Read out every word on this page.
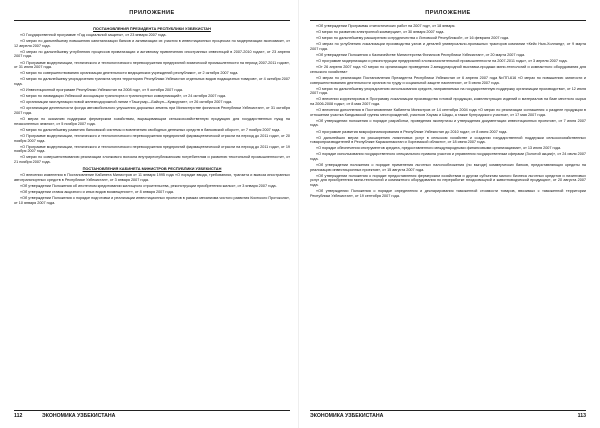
ПРИЛОЖЕНИЕ
ПОСТАНОВЛЕНИЯ ПРЕЗИДЕНТА РЕСПУБЛИКИ УЗБЕКИСТАН

«О Государственной программе «Год социальной защиты», от 23 января 2007 года.

«О мерах по дальнейшему повышению капитализации банков и активизации их участия в инвестиционных процессах по модернизации экономики», от 12 апреля 2007 года.

«О мерах по дальнейшему углублению процессов приватизации и активному привлечению иностранных инвестиций в 2007-2010 годах», от 23 апреля 2007 года.

«О Программе модернизации, технического и технологического перевооружения предприятий химической промышленности на период 2007-2011 годов», от 31 июля 2007 года.

«О мерах по совершенствованию организации деятельности медицинских учреждений республики», от 2 октября 2007 года.

«О мерах по дальнейшему упорядочению транзита через территорию Республики Узбекистан отдельных видов подакцизных товаров», от 4 октября 2007 года.

«О Инвестиционной программе Республики Узбекистан на 2008 год», от 9 октября 2007 года.

«О мерах по ликвидации Узбекской ассоциации транспорта и транспортных коммуникаций», от 24 октября 2007 года.

«О организации эксплуатации новой железнодорожной линии «Ташгузар—Байсун—Кумкурган», от 26 октября 2007 года.

«О организации деятельности фонда автомобильного улучшения дорожных земель при Министерстве финансов Республики Узбекистан», от 31 октября 2007 года.

«О мерах по оказанию поддержки фермерским хозяйствам, выращивающим сельскохозяйственную продукцию для государственных нужд на незасоленных землях», от 5 ноября 2007 года.

«О мерах по дальнейшему развитию банковской системы и вовлечению свободных денежных средств в банковский оборот», от 7 ноября 2007 года.

«О Программе модернизации, технического и технологического перевооружения предприятий фармацевтической отрасли на период до 2011 года», от 20 ноября 2007 года.

«О Программе модернизации, технического и технологического перевооружения предприятий фармацевтической отрасли на период до 2011 года», от 19 ноября 2007 года.

«О мерах по совершенствованию реализации хлопкового волокна внутриреспубликанским потребителям и развитию текстильной промышленности», от 21 ноября 2007 года.

ПОСТАНОВЛЕНИЯ КАБИНЕТА МИНИСТРОВ РЕСПУБЛИКИ УЗБЕКИСТАН

«О внесении изменения в Постановление Кабинета Министров от 11 января 1995 года «О порядке ввода, требованиях, транзита и вывоза иностранных автотранспортных средств в Республике Узбекистан», от 3 января 2007 года.

«Об утверждении Положения об ипотечном кредитовании жилищного строительства, реконструкции приобретения жилья», от 3 января 2007 года.

«Об утверждении ставок акцизного и иных видов возмещения»», от 8 января 2007 года.

«Об утверждении Положения о порядке подготовки и реализации инвестиционных проектов в рамках механизма чистого развития Киотского Протокола», от 10 января 2007 года.

112	ЭКОНОМИКА УЗБЕКИСТАНА
ПРИЛОЖЕНИЕ

«Об утверждении Программы статистических работ на 2007 год», от 18 января.

«О мерах по развитию электронной коммерции», от 30 января 2007 года.

«О мерах по дальнейшему расширению сотрудничества с Литовской Республикой», от 16 февраля 2007 года.

«О мерах по углублению локализации производства узлов и деталей универсально-пропашных тракторов компании «Кейс Нью-Холланд», от 9 марта 2007 года.

«Об утверждении Положения о Казначействе Министерства Финансов Республики Узбекистан», от 20 марта 2007 года.

«О программе модернизации и реконструкции предприятий хлопкоочистительной промышленности на 2007-2011 годы», от 3 апреля 2007 года.

«От 26 апреля 2007 года «О мерах по организации проведения 2-международной выставки-продажи мини-технологий и компактного оборудования для сельского хозяйства»

«О мерах по реализации Постановления Президента Республики Узбекистан от 6 апреля 2007 года №ПП-616 «О мерах по повышению занятости и совершенствованию деятельности органов по труду и социальной защите населения», от 5 июня 2007 года.

«О мерах по дальнейшему упорядочению использования средств, направляемых на государственную поддержку организации производства», от 12 июля 2007 года.

«О внесении корректировок в Программу локализации производства готовой продукции, комплектующих изделий и материалов на базе местного сырья на 2006-2008 годы», от 8 мая 2007 года.

«О внесении дополнения в Постановление Кабинета Министров от 14 сентября 2004 года «О мерах по реализации соглашения о разделе продукции в отношении участка Кандымской группы месторождений, участков Хаузак и Шады, а также Кунградского участка», от 17 мая 2007 года.

«Об утверждении положения о порядке разработки, проведения экспертизы и утверждения документации инвестиционных проектов», от 7 июня 2007 года.

«О программе развития микрофинансирования в Республике Узбекистан до 2010 года», от 8 июня 2007 года.

«О дальнейших мерах по расширению лизинговых услуг в сельском хозяйстве и создании государственной поддержки сельскохозяйственных товаропроизводителей в Республике Каракалпакстан и Хорезмской области», от 18 июня 2007 года.

«О порядке обеспечения инструментов кредита, предоставленного международными финансовыми организациями», от 13 июля 2007 года.

«О порядке использования государственного специального правила участия и управления государственным сферами (Золотой акции)», от 24 июля 2007 года.

«Об утверждении положения о порядке применения льготных налогообложения (по выгоде) коммерческих банков, предоставляющих кредиты на реализацию инвестиционных проектов», от 15 августа 2007 года.

«Об утверждении положения о порядке предоставления фермерским хозяйствам и другим субъектам малого бизнеса льготных кредитов и лизинговых услуг для приобретения мини-технологий и компактного оборудования по переработке плодоовощной и животноводческой продукции», от 20 августа 2007 года.

«Об утверждении Положения о порядке определения и декларирования таможенной стоимости товаров, ввозимых с таможенной территории Республики Узбекистан», от 19 сентября 2007 года.

ЭКОНОМИКА УЗБЕКИСТАНА	113
